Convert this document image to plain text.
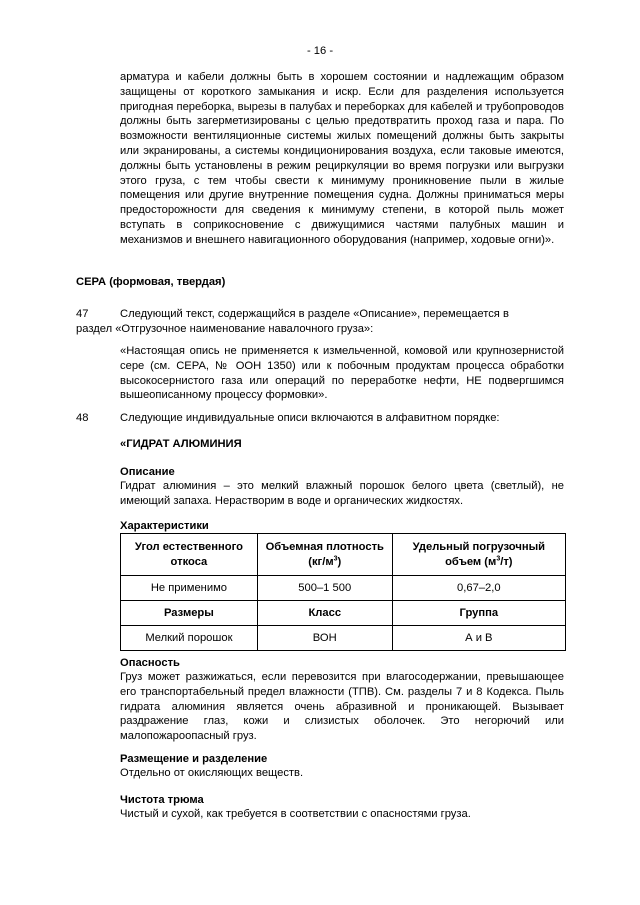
- 16 -

арматура и кабели должны быть в хорошем состоянии и надлежащим образом защищены от короткого замыкания и искр. Если для разделения используется пригодная переборка, вырезы в палубах и переборках для кабелей и трубопроводов должны быть загерметизированы с целью предотвратить проход газа и пара. По возможности вентиляционные системы жилых помещений должны быть закрыты или экранированы, а системы кондиционирования воздуха, если таковые имеются, должны быть установлены в режим рециркуляции во время погрузки или выгрузки этого груза, с тем чтобы свести к минимуму проникновение пыли в жилые помещения или другие внутренние помещения судна. Должны приниматься меры предосторожности для сведения к минимуму степени, в которой пыль может вступать в соприкосновение с движущимися частями палубных машин и механизмов и внешнего навигационного оборудования (например, ходовые огни)».

СЕРА (формовая, твердая)

47	Следующий текст, содержащийся в разделе «Описание», перемещается в

раздел «Отгрузочное наименование навалочного груза»:

«Настоящая опись не применяется к измельченной, комовой или крупнозернистой сере (см. СЕРА, № ООН 1350) или к побочным продуктам процесса обработки высокосернистого газа или операций по переработке нефти, НЕ подвергшимся вышеописанному процессу формовки».

48	Следующие индивидуальные описи включаются в алфавитном порядке:

«ГИДРАТ АЛЮМИНИЯ

Описание

Гидрат алюминия – это мелкий влажный порошок белого цвета (светлый), не имеющий запаха. Нерастворим в воде и органических жидкостях.

Характеристики

Угол естественного откоса	Объемная плотность $(кг/м^3)$	Удельный погрузочный объем $(м^3/т)$
Не применимо	500–1 500	0,67–2,0
Размеры	Класс	Группа
Мелкий порошок	ВОН	А и В

Опасность

Груз может разжижаться, если перевозится при влагосодержании, превышающее его транспортабельный предел влажности (ТПВ). См. разделы 7 и 8 Кодекса. Пыль гидрата алюминия является очень абразивной и проникающей. Вызывает раздражение глаз, кожи и слизистых оболочек. Это негорючий или малопожароопасный груз.

Размещение и разделение

Отдельно от окисляющих веществ.

Чистота трюма

Чистый и сухой, как требуется в соответствии с опасностями груза.
